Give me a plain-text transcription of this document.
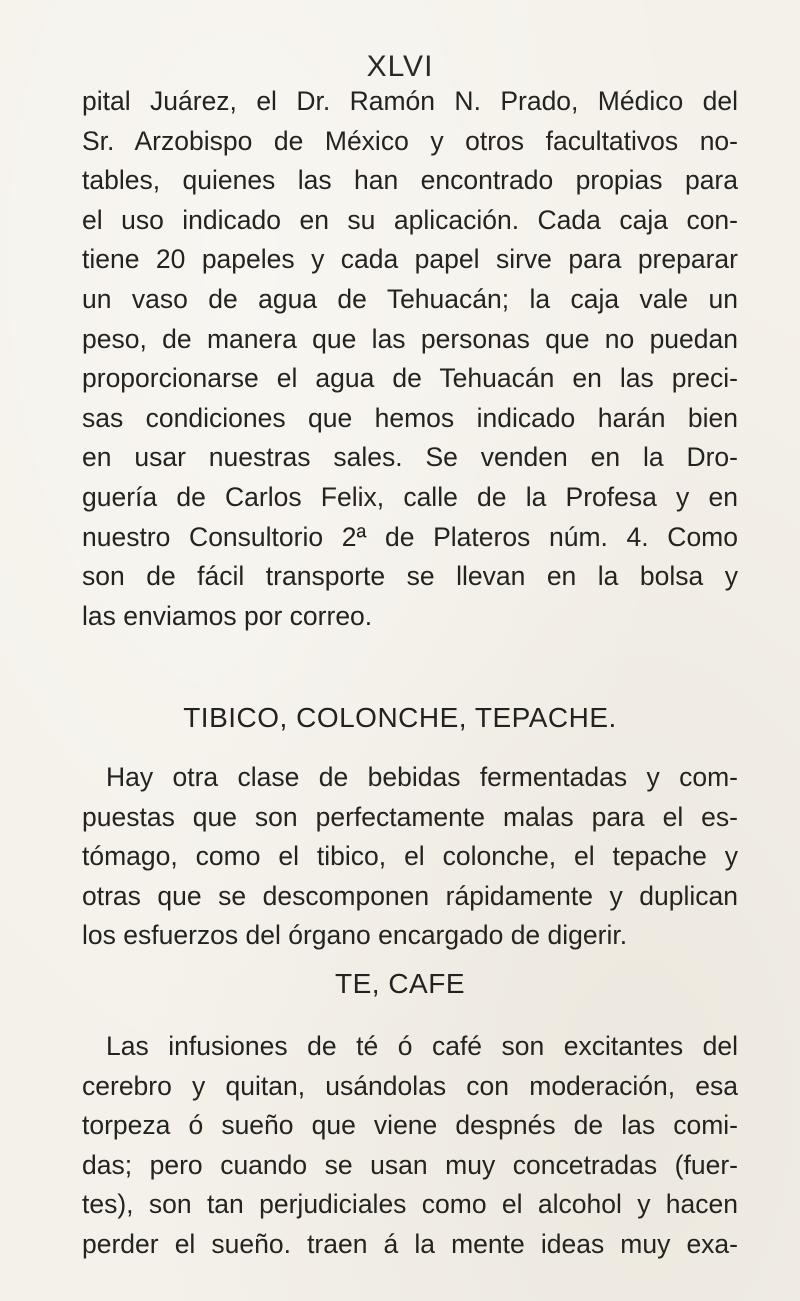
XLVI
pital Juárez, el Dr. Ramón N. Prado, Médico del
Sr. Arzobispo de México y otros facultativos no-
tables, quienes las han encontrado propias para
el uso indicado en su aplicación. Cada caja con-
tiene 20 papeles y cada papel sirve para preparar
un vaso de agua de Tehuacán; la caja vale un
peso, de manera que las personas que no puedan
proporcionarse el agua de Tehuacán en las preci-
sas condiciones que hemos indicado harán bien
en usar nuestras sales. Se venden en la Dro-
guería de Carlos Felix, calle de la Profesa y en
nuestro Consultorio 2ª de Plateros núm. 4. Como
son de fácil transporte se llevan en la bolsa y
las enviamos por correo.
TIBICO, COLONCHE, TEPACHE.
Hay otra clase de bebidas fermentadas y com-
puestas que son perfectamente malas para el es-
tómago, como el tibico, el colonche, el tepache y
otras que se descomponen rápidamente y duplican
los esfuerzos del órgano encargado de digerir.
TE, CAFE
Las infusiones de té ó café son excitantes del
cerebro y quitan, usándolas con moderación, esa
torpeza ó sueño que viene despnés de las comi-
das; pero cuando se usan muy concetradas (fuer-
tes), son tan perjudiciales como el alcohol y hacen
perder el sueño. traen á la mente ideas muy exa-
